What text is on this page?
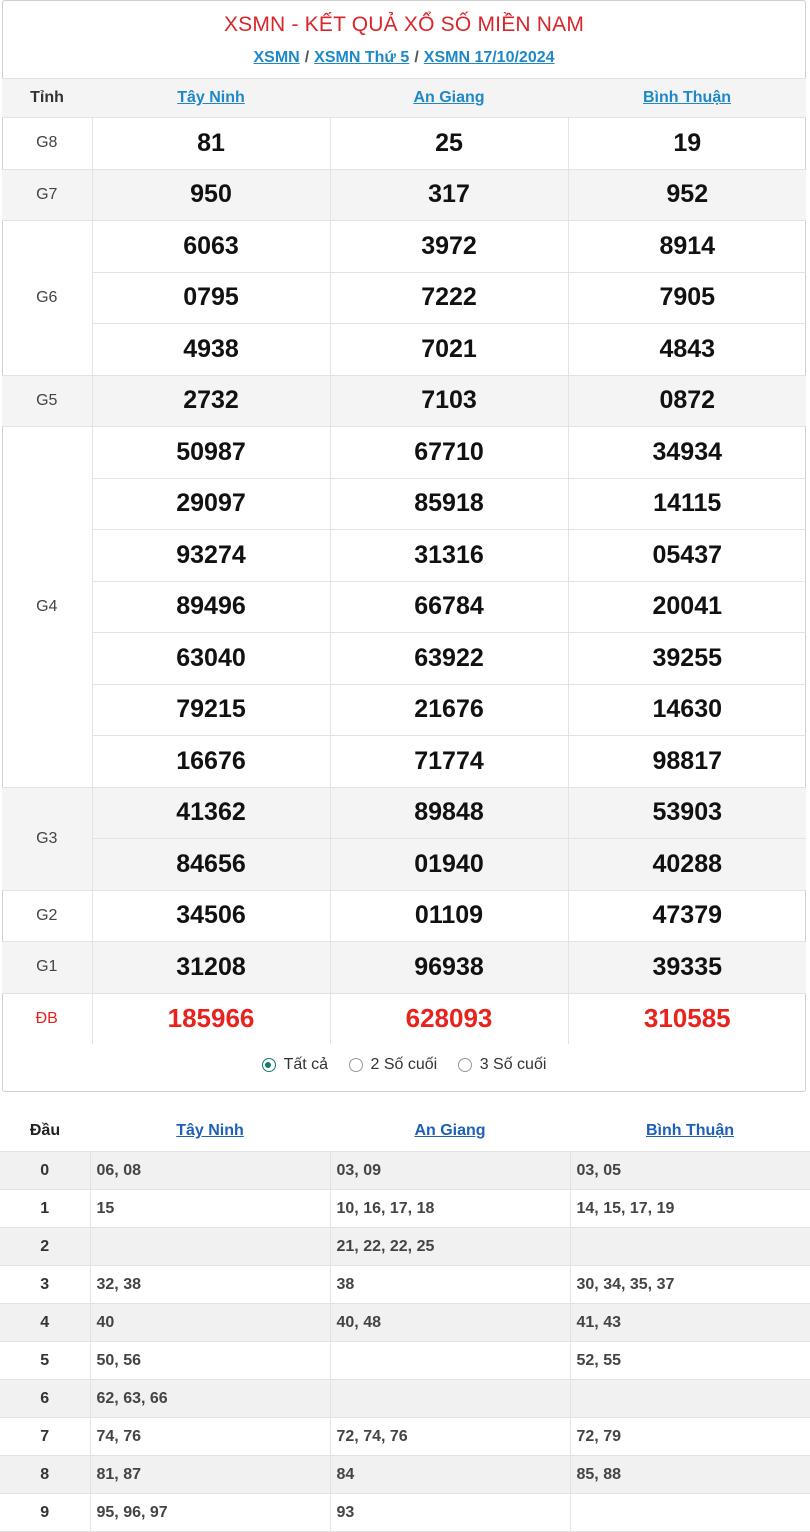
XSMN - KẾT QUẢ XỔ SỐ MIỀN NAM
XSMN / XSMN Thứ 5 / XSMN 17/10/2024
Tất cả
	2 Số cuối
	3 Số cuối
Tỉnh	Tây Ninh	An Giang	Bình Thuận
G8	81	25	19
G7	950	317	952
G6	6063	3972	8914
	0795	7222	7905
	4938	7021	4843
G5	2732	7103	0872
G4	50987	67710	34934
	29097	85918	14115
	93274	31316	05437
	89496	66784	20041
	63040	63922	39255
	79215	21676	14630
	16676	71774	98817
G3	41362	89848	53903
	84656	01940	40288
G2	34506	01109	47379
G1	31208	96938	39335
ĐB	185966	628093	310585
Đầu	Tây Ninh	An Giang	Bình Thuận
0	06, 08	03, 09	03, 05
1	15	10, 16, 17, 18	14, 15, 17, 19
2		21, 22, 22, 25	
3	32, 38	38	30, 34, 35, 37
4	40	40, 48	41, 43
5	50, 56		52, 55
6	62, 63, 66		
7	74, 76	72, 74, 76	72, 79
8	81, 87	84	85, 88
9	95, 96, 97	93	
